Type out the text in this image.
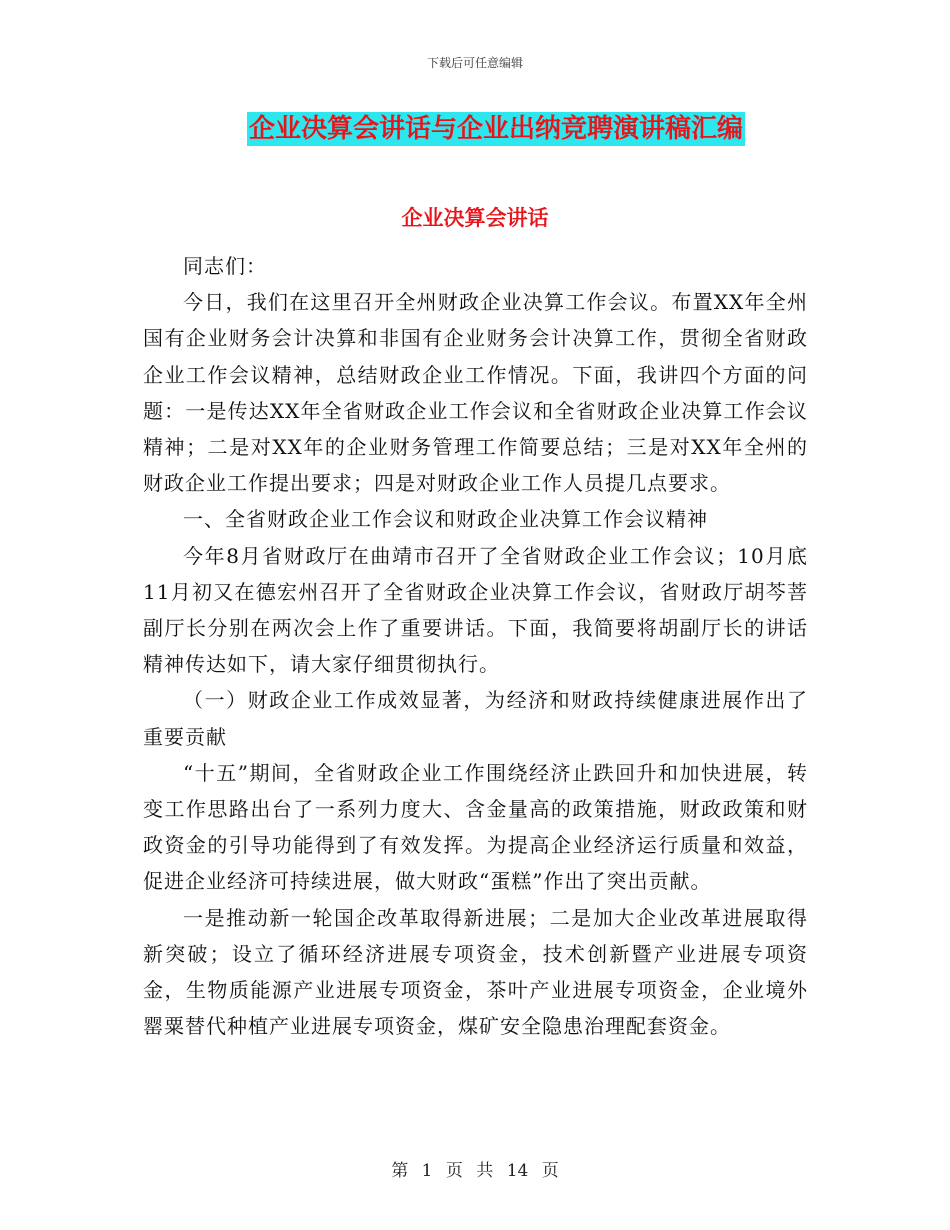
下载后可任意编辑
企业决算会讲话与企业出纳竞聘演讲稿汇编
企业决算会讲话

同志们：

今日，我们在这里召开全州财政企业决算工作会议。布置XX年全州国有企业财务会计决算和非国有企业财务会计决算工作，贯彻全省财政企业工作会议精神，总结财政企业工作情况。下面，我讲四个方面的问题：一是传达XX年全省财政企业工作会议和全省财政企业决算工作会议精神；二是对XX年的企业财务管理工作简要总结；三是对XX年全州的财政企业工作提出要求；四是对财政企业工作人员提几点要求。

一、全省财政企业工作会议和财政企业决算工作会议精神

今年8月省财政厅在曲靖市召开了全省财政企业工作会议；10月底11月初又在德宏州召开了全省财政企业决算工作会议，省财政厅胡芩菩副厅长分别在两次会上作了重要讲话。下面，我简要将胡副厅长的讲话精神传达如下，请大家仔细贯彻执行。

（一）财政企业工作成效显著，为经济和财政持续健康进展作出了重要贡献

“十五”期间，全省财政企业工作围绕经济止跌回升和加快进展，转变工作思路出台了一系列力度大、含金量高的政策措施，财政政策和财政资金的引导功能得到了有效发挥。为提高企业经济运行质量和效益，促进企业经济可持续进展，做大财政“蛋糕”作出了突出贡献。

一是推动新一轮国企改革取得新进展；二是加大企业改革进展取得新突破；设立了循环经济进展专项资金，技术创新暨产业进展专项资金，生物质能源产业进展专项资金，茶叶产业进展专项资金，企业境外罂粟替代种植产业进展专项资金，煤矿安全隐患治理配套资金。

第 1 页 共 14 页
